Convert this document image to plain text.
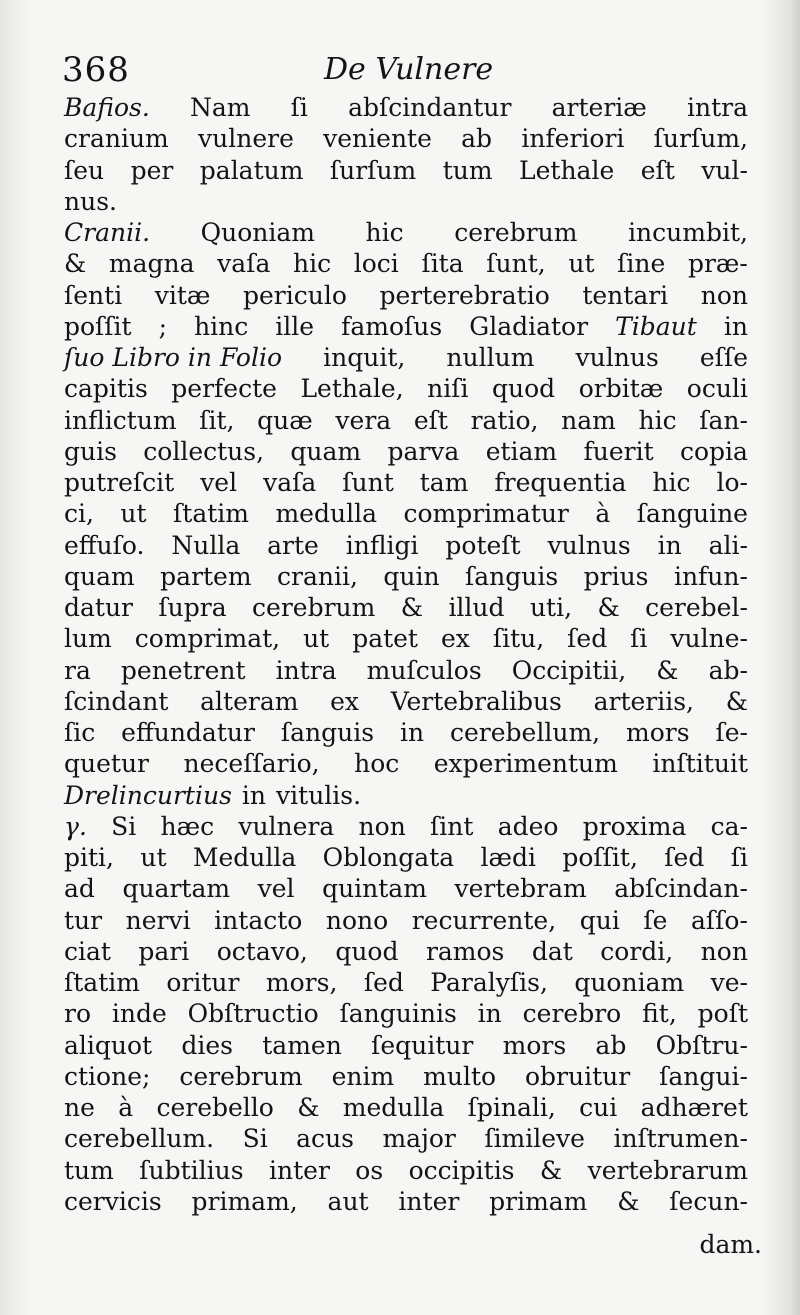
368	De Vulnere
Bafios. Nam ſi abſcindantur arteriæ intra
cranium vulnere veniente ab inferiori ſurſum,
ſeu per palatum ſurſum tum Lethale eſt vul-
nus.
Cranii. Quoniam hic cerebrum incumbit,
& magna vaſa hic loci ſita ſunt, ut ſine præ-
ſenti vitæ periculo perterebratio tentari non
poſſit ; hinc ille famoſus Gladiator Tibaut in
ſuo Libro in Folio inquit, nullum vulnus eſſe
capitis perfecte Lethale, niſi quod orbitæ oculi
inflictum ſit, quæ vera eſt ratio, nam hic ſan-
guis collectus, quam parva etiam fuerit copia
putreſcit vel vaſa ſunt tam frequentia hic lo-
ci, ut ſtatim medulla comprimatur à ſanguine
effuſo. Nulla arte infligi poteſt vulnus in ali-
quam partem cranii, quin ſanguis prius infun-
datur ſupra cerebrum & illud uti, & cerebel-
lum comprimat, ut patet ex ſitu, ſed ſi vulne-
ra penetrent intra muſculos Occipitii, & ab-
ſcindant alteram ex Vertebralibus arteriis, &
ſic effundatur ſanguis in cerebellum, mors ſe-
quetur neceſſario, hoc experimentum inſtituit
Drelincurtius in vitulis.
γ. Si hæc vulnera non ſint adeo proxima ca-
piti, ut Medulla Oblongata lædi poſſit, ſed ſi
ad quartam vel quintam vertebram abſcindan-
tur nervi intacto nono recurrente, qui ſe aſſo-
ciat pari octavo, quod ramos dat cordi, non
ſtatim oritur mors, ſed Paralyſis, quoniam ve-
ro inde Obſtructio ſanguinis in cerebro fit, poſt
aliquot dies tamen ſequitur mors ab Obſtru-
ctione; cerebrum enim multo obruitur ſangui-
ne à cerebello & medulla ſpinali, cui adhæret
cerebellum. Si acus major ſimileve inſtrumen-
tum ſubtilius inter os occipitis & vertebrarum
cervicis primam, aut inter primam & ſecun-
dam.
